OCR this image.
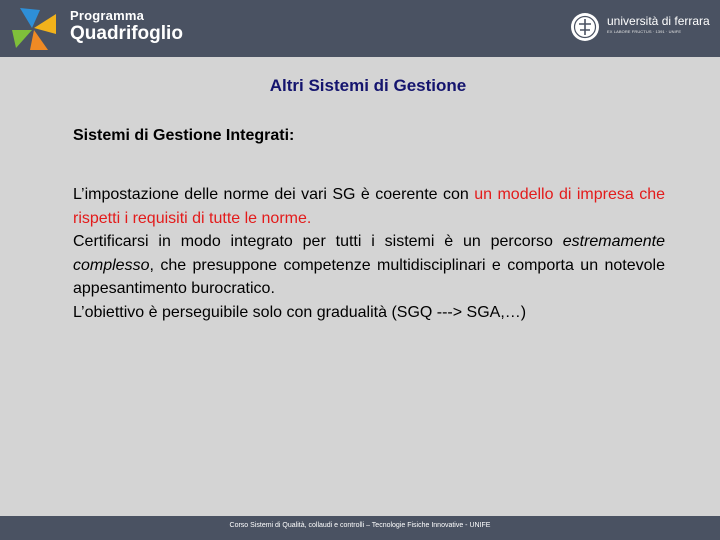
Programma
Quadrifoglio
università di ferrara
EX LABORE FRUCTUS · 1391 · UNIFE
Altri Sistemi di Gestione
Sistemi di Gestione Integrati:

L’impostazione delle norme dei vari SG è coerente con un modello di impresa che rispetti i requisiti di tutte le norme.

Certificarsi in modo integrato per tutti i sistemi è un percorso estremamente complesso, che presuppone competenze multidisciplinari e comporta un notevole appesantimento burocratico.

L’obiettivo è perseguibile solo con gradualità (SGQ ---> SGA,…)

Corso Sistemi di Qualità, collaudi e controlli – Tecnologie Fisiche Innovative - UNIFE
